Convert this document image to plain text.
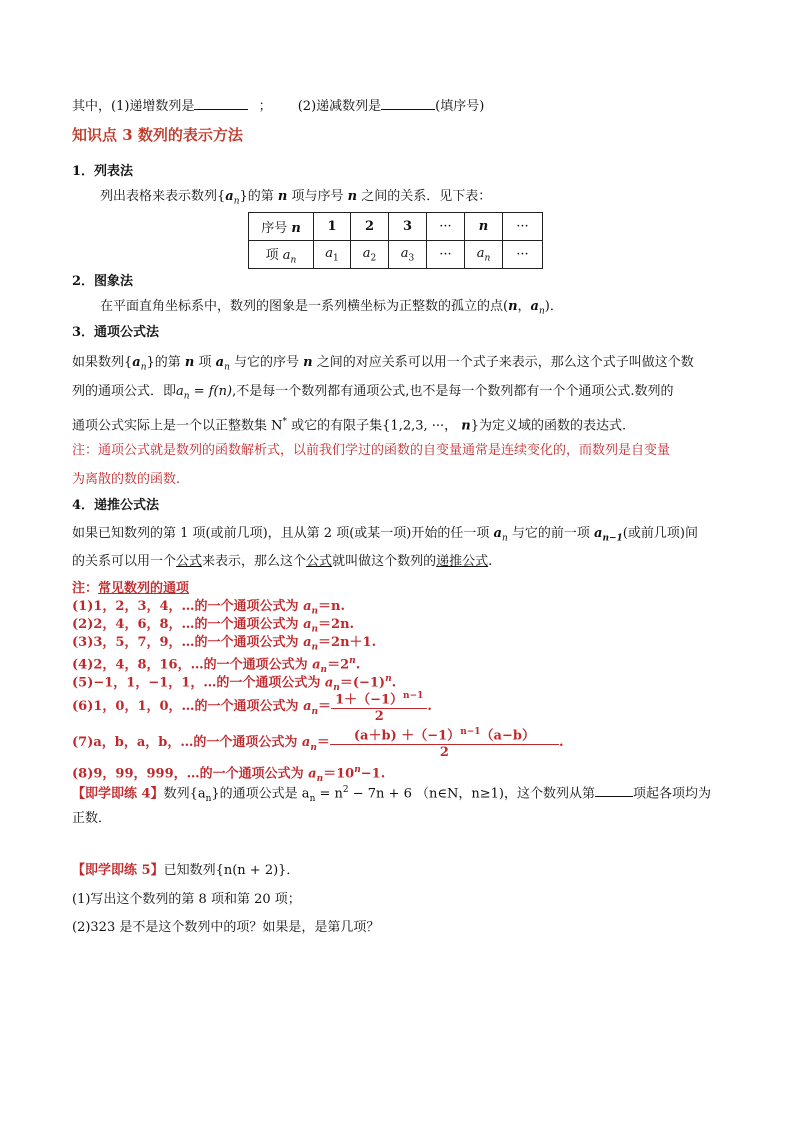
其中，(1)递增数列是	； (2)递减数列是	(填序号)
知识点 3 数列的表示方法
1．列表法
列出表格来表示数列$\{a_n\}$的第 n 项与序号 n 之间的关系．见下表：
序号 n	1	2	3	···	n	···
项 $a_n$	$a_1$	$a_2$	$a_3$	···	$a_n$	···
2．图象法
在平面直角坐标系中，数列的图象是一系列横坐标为正整数的孤立的点(n，$a_n$)．
3．通项公式法
如果数列$\{a_n\}$的第 n 项 $a_n$ 与它的序号 n 之间的对应关系可以用一个式子来表示，那么这个式子叫做这个数
列的通项公式．即$a_n = f(n)$,不是每一个数列都有通项公式,也不是每一个数列都有一个个通项公式.数列的
通项公式实际上是一个以正整数集 N* 或它的有限子集{1,2,3, ···， n}为定义域的函数的表达式.
注：通项公式就是数列的函数解析式，以前我们学过的函数的自变量通常是连续变化的，而数列是自变量
为离散的数的函数.
4．递推公式法
如果已知数列的第 1 项(或前几项)，且从第 2 项(或某一项)开始的任一项 $a_n$ 与它的前一项 $a_{n-1}$(或前几项)间
的关系可以用一个公式来表示，那么这个公式就叫做这个数列的递推公式.
注：常见数列的通项
(1)1，2，3，4，…的一个通项公式为 $a_n=n$.
(2)2，4，6，8，…的一个通项公式为 $a_n=2n$.
(3)3，5，7，9，…的一个通项公式为 $a_n=2n+1$.
(4)2，4，8，16，…的一个通项公式为 $a_n=2^n$.
(5)−1，1，−1，1，…的一个通项公式为 $a_n=(-1)^n$.
(6)1，0，1，0，…的一个通项公式为 $a_n= \frac{1+(-1)^{n-1}}{2}$ .
(7)a，b，a，b，…的一个通项公式为 $a_n= \frac{(a+b) +(-1)^{n-1}(a-b)}{2}$ .
(8)9，99，999，…的一个通项公式为 $a_n=10^n-1$.
【即学即练 4】数列$\{a_n\}$的通项公式是 $a_n = n^2 - 7n + 6$ （n∈N，n≥1)，这个数列从第	项起各项均为
正数．
【即学即练 5】已知数列{n(n + 2)}．
(1)写出这个数列的第 8 项和第 20 项；
(2)323 是不是这个数列中的项？如果是，是第几项？
